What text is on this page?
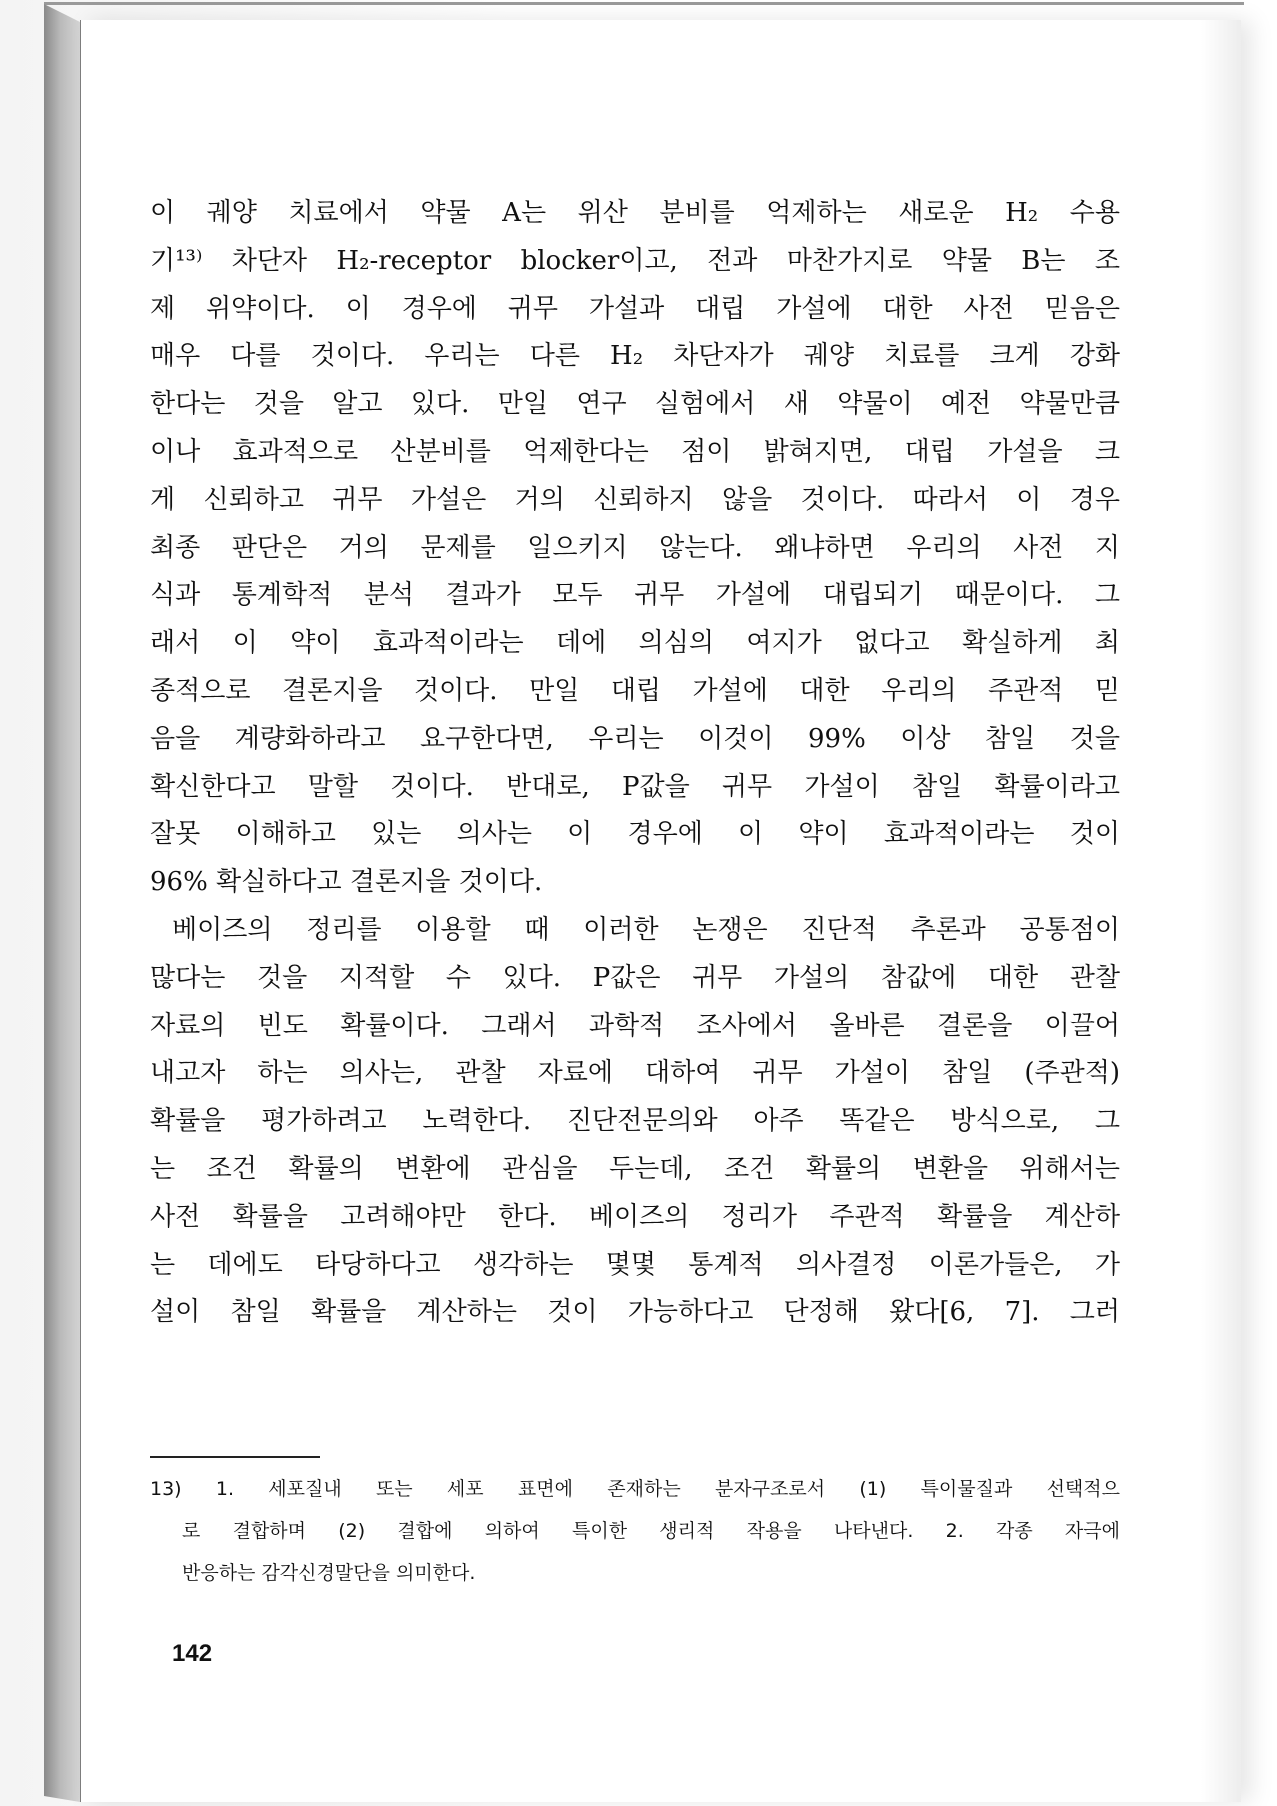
이 궤양 치료에서 약물 A는 위산 분비를 억제하는 새로운 H₂ 수용
기¹³⁾ 차단자 H₂-receptor blocker이고, 전과 마찬가지로 약물 B는 조
제 위약이다. 이 경우에 귀무 가설과 대립 가설에 대한 사전 믿음은
매우 다를 것이다. 우리는 다른 H₂ 차단자가 궤양 치료를 크게 강화
한다는 것을 알고 있다. 만일 연구 실험에서 새 약물이 예전 약물만큼
이나 효과적으로 산분비를 억제한다는 점이 밝혀지면, 대립 가설을 크
게 신뢰하고 귀무 가설은 거의 신뢰하지 않을 것이다. 따라서 이 경우
최종 판단은 거의 문제를 일으키지 않는다. 왜냐하면 우리의 사전 지
식과 통계학적 분석 결과가 모두 귀무 가설에 대립되기 때문이다. 그
래서 이 약이 효과적이라는 데에 의심의 여지가 없다고 확실하게 최
종적으로 결론지을 것이다. 만일 대립 가설에 대한 우리의 주관적 믿
음을 계량화하라고 요구한다면, 우리는 이것이 99% 이상 참일 것을
확신한다고 말할 것이다. 반대로, P값을 귀무 가설이 참일 확률이라고
잘못 이해하고 있는 의사는 이 경우에 이 약이 효과적이라는 것이
96% 확실하다고 결론지을 것이다.
베이즈의 정리를 이용할 때 이러한 논쟁은 진단적 추론과 공통점이
많다는 것을 지적할 수 있다. P값은 귀무 가설의 참값에 대한 관찰
자료의 빈도 확률이다. 그래서 과학적 조사에서 올바른 결론을 이끌어
내고자 하는 의사는, 관찰 자료에 대하여 귀무 가설이 참일 (주관적)
확률을 평가하려고 노력한다. 진단전문의와 아주 똑같은 방식으로, 그
는 조건 확률의 변환에 관심을 두는데, 조건 확률의 변환을 위해서는
사전 확률을 고려해야만 한다. 베이즈의 정리가 주관적 확률을 계산하
는 데에도 타당하다고 생각하는 몇몇 통계적 의사결정 이론가들은, 가
설이 참일 확률을 계산하는 것이 가능하다고 단정해 왔다[6, 7]. 그러
13) 1. 세포질내 또는 세포 표면에 존재하는 분자구조로서 (1) 특이물질과 선택적으
로 결합하며 (2) 결합에 의하여 특이한 생리적 작용을 나타낸다. 2. 각종 자극에
반응하는 감각신경말단을 의미한다.
142
